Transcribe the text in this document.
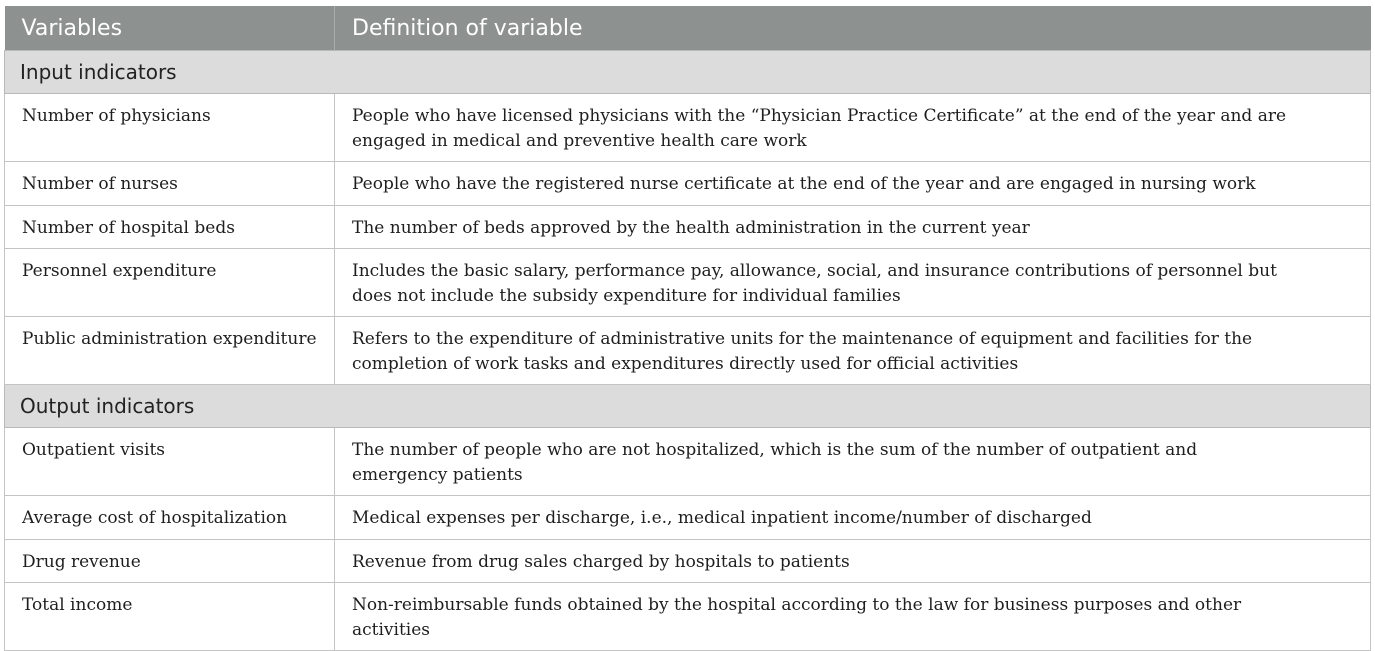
Variables	Definition of variable
Input indicators	
Number of physicians	People who have licensed physicians with the “Physician Practice Certificate” at the end of the year and are engaged in medical and preventive health care work
Number of nurses	People who have the registered nurse certificate at the end of the year and are engaged in nursing work
Number of hospital beds	The number of beds approved by the health administration in the current year
Personnel expenditure	Includes the basic salary, performance pay, allowance, social, and insurance contributions of personnel but does not include the subsidy expenditure for individual families
Public administration expenditure	Refers to the expenditure of administrative units for the maintenance of equipment and facilities for the completion of work tasks and expenditures directly used for official activities
Output indicators	
Outpatient visits	The number of people who are not hospitalized, which is the sum of the number of outpatient and emergency patients
Average cost of hospitalization	Medical expenses per discharge, i.e., medical inpatient income/number of discharged
Drug revenue	Revenue from drug sales charged by hospitals to patients
Total income	Non-reimbursable funds obtained by the hospital according to the law for business purposes and other activities
